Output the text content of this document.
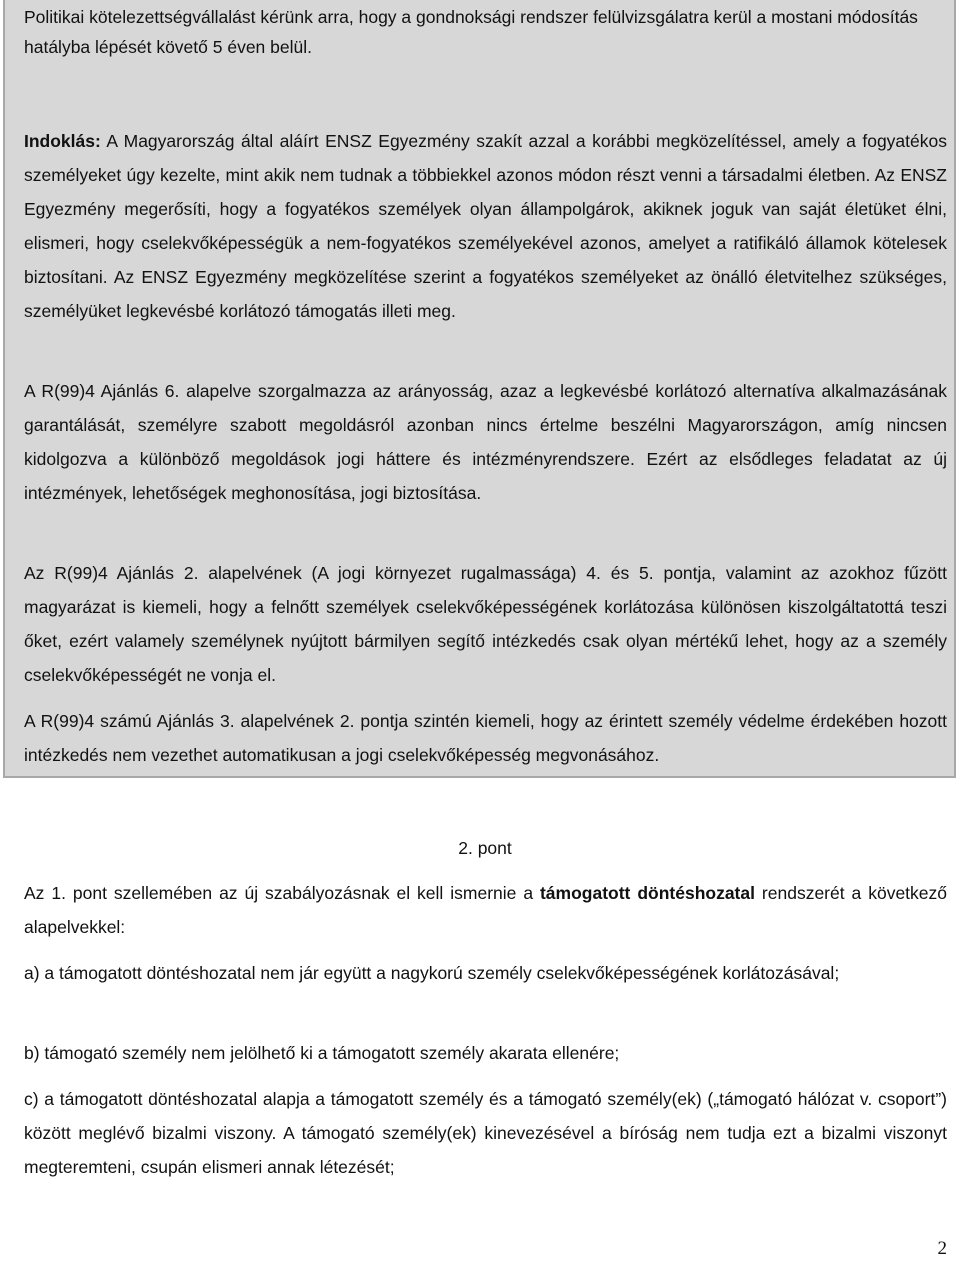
Politikai kötelezettségvállalást kérünk arra, hogy a gondnoksági rendszer felülvizsgálatra kerül a mostani módosítás hatályba lépését követő 5 éven belül.

Indoklás: A Magyarország által aláírt ENSZ Egyezmény szakít azzal a korábbi megközelítéssel, amely a fogyatékos személyeket úgy kezelte, mint akik nem tudnak a többiekkel azonos módon részt venni a társadalmi életben. Az ENSZ Egyezmény megerősíti, hogy a fogyatékos személyek olyan állampolgárok, akiknek joguk van saját életüket élni, elismeri, hogy cselekvőképességük a nem-fogyatékos személyekével azonos, amelyet a ratifikáló államok kötelesek biztosítani. Az ENSZ Egyezmény megközelítése szerint a fogyatékos személyeket az önálló életvitelhez szükséges, személyüket legkevésbé korlátozó támogatás illeti meg.

A R(99)4 Ajánlás 6. alapelve szorgalmazza az arányosság, azaz a legkevésbé korlátozó alternatíva alkalmazásának garantálását, személyre szabott megoldásról azonban nincs értelme beszélni Magyarországon, amíg nincsen kidolgozva a különböző megoldások jogi háttere és intézményrendszere. Ezért az elsődleges feladatat az új intézmények, lehetőségek meghonosítása, jogi biztosítása.

Az R(99)4 Ajánlás 2. alapelvének (A jogi környezet rugalmassága) 4. és 5. pontja, valamint az azokhoz fűzött magyarázat is kiemeli, hogy a felnőtt személyek cselekvőképességének korlátozása különösen kiszolgáltatottá teszi őket, ezért valamely személynek nyújtott bármilyen segítő intézkedés csak olyan mértékű lehet, hogy az a személy cselekvőképességét ne vonja el.

A R(99)4 számú Ajánlás 3. alapelvének 2. pontja szintén kiemeli, hogy az érintett személy védelme érdekében hozott intézkedés nem vezethet automatikusan a jogi cselekvőképesség megvonásához.

2. pont

Az 1. pont szellemében az új szabályozásnak el kell ismernie a támogatott döntéshozatal rendszerét a következő alapelvekkel:

a) a támogatott döntéshozatal nem jár együtt a nagykorú személy cselekvőképességének korlátozásával;

b) támogató személy nem jelölhető ki a támogatott személy akarata ellenére;

c) a támogatott döntéshozatal alapja a támogatott személy és a támogató személy(ek) („támogató hálózat v. csoport”) között meglévő bizalmi viszony. A támogató személy(ek) kinevezésével a bíróság nem tudja ezt a bizalmi viszonyt megteremteni, csupán elismeri annak létezését;

2
